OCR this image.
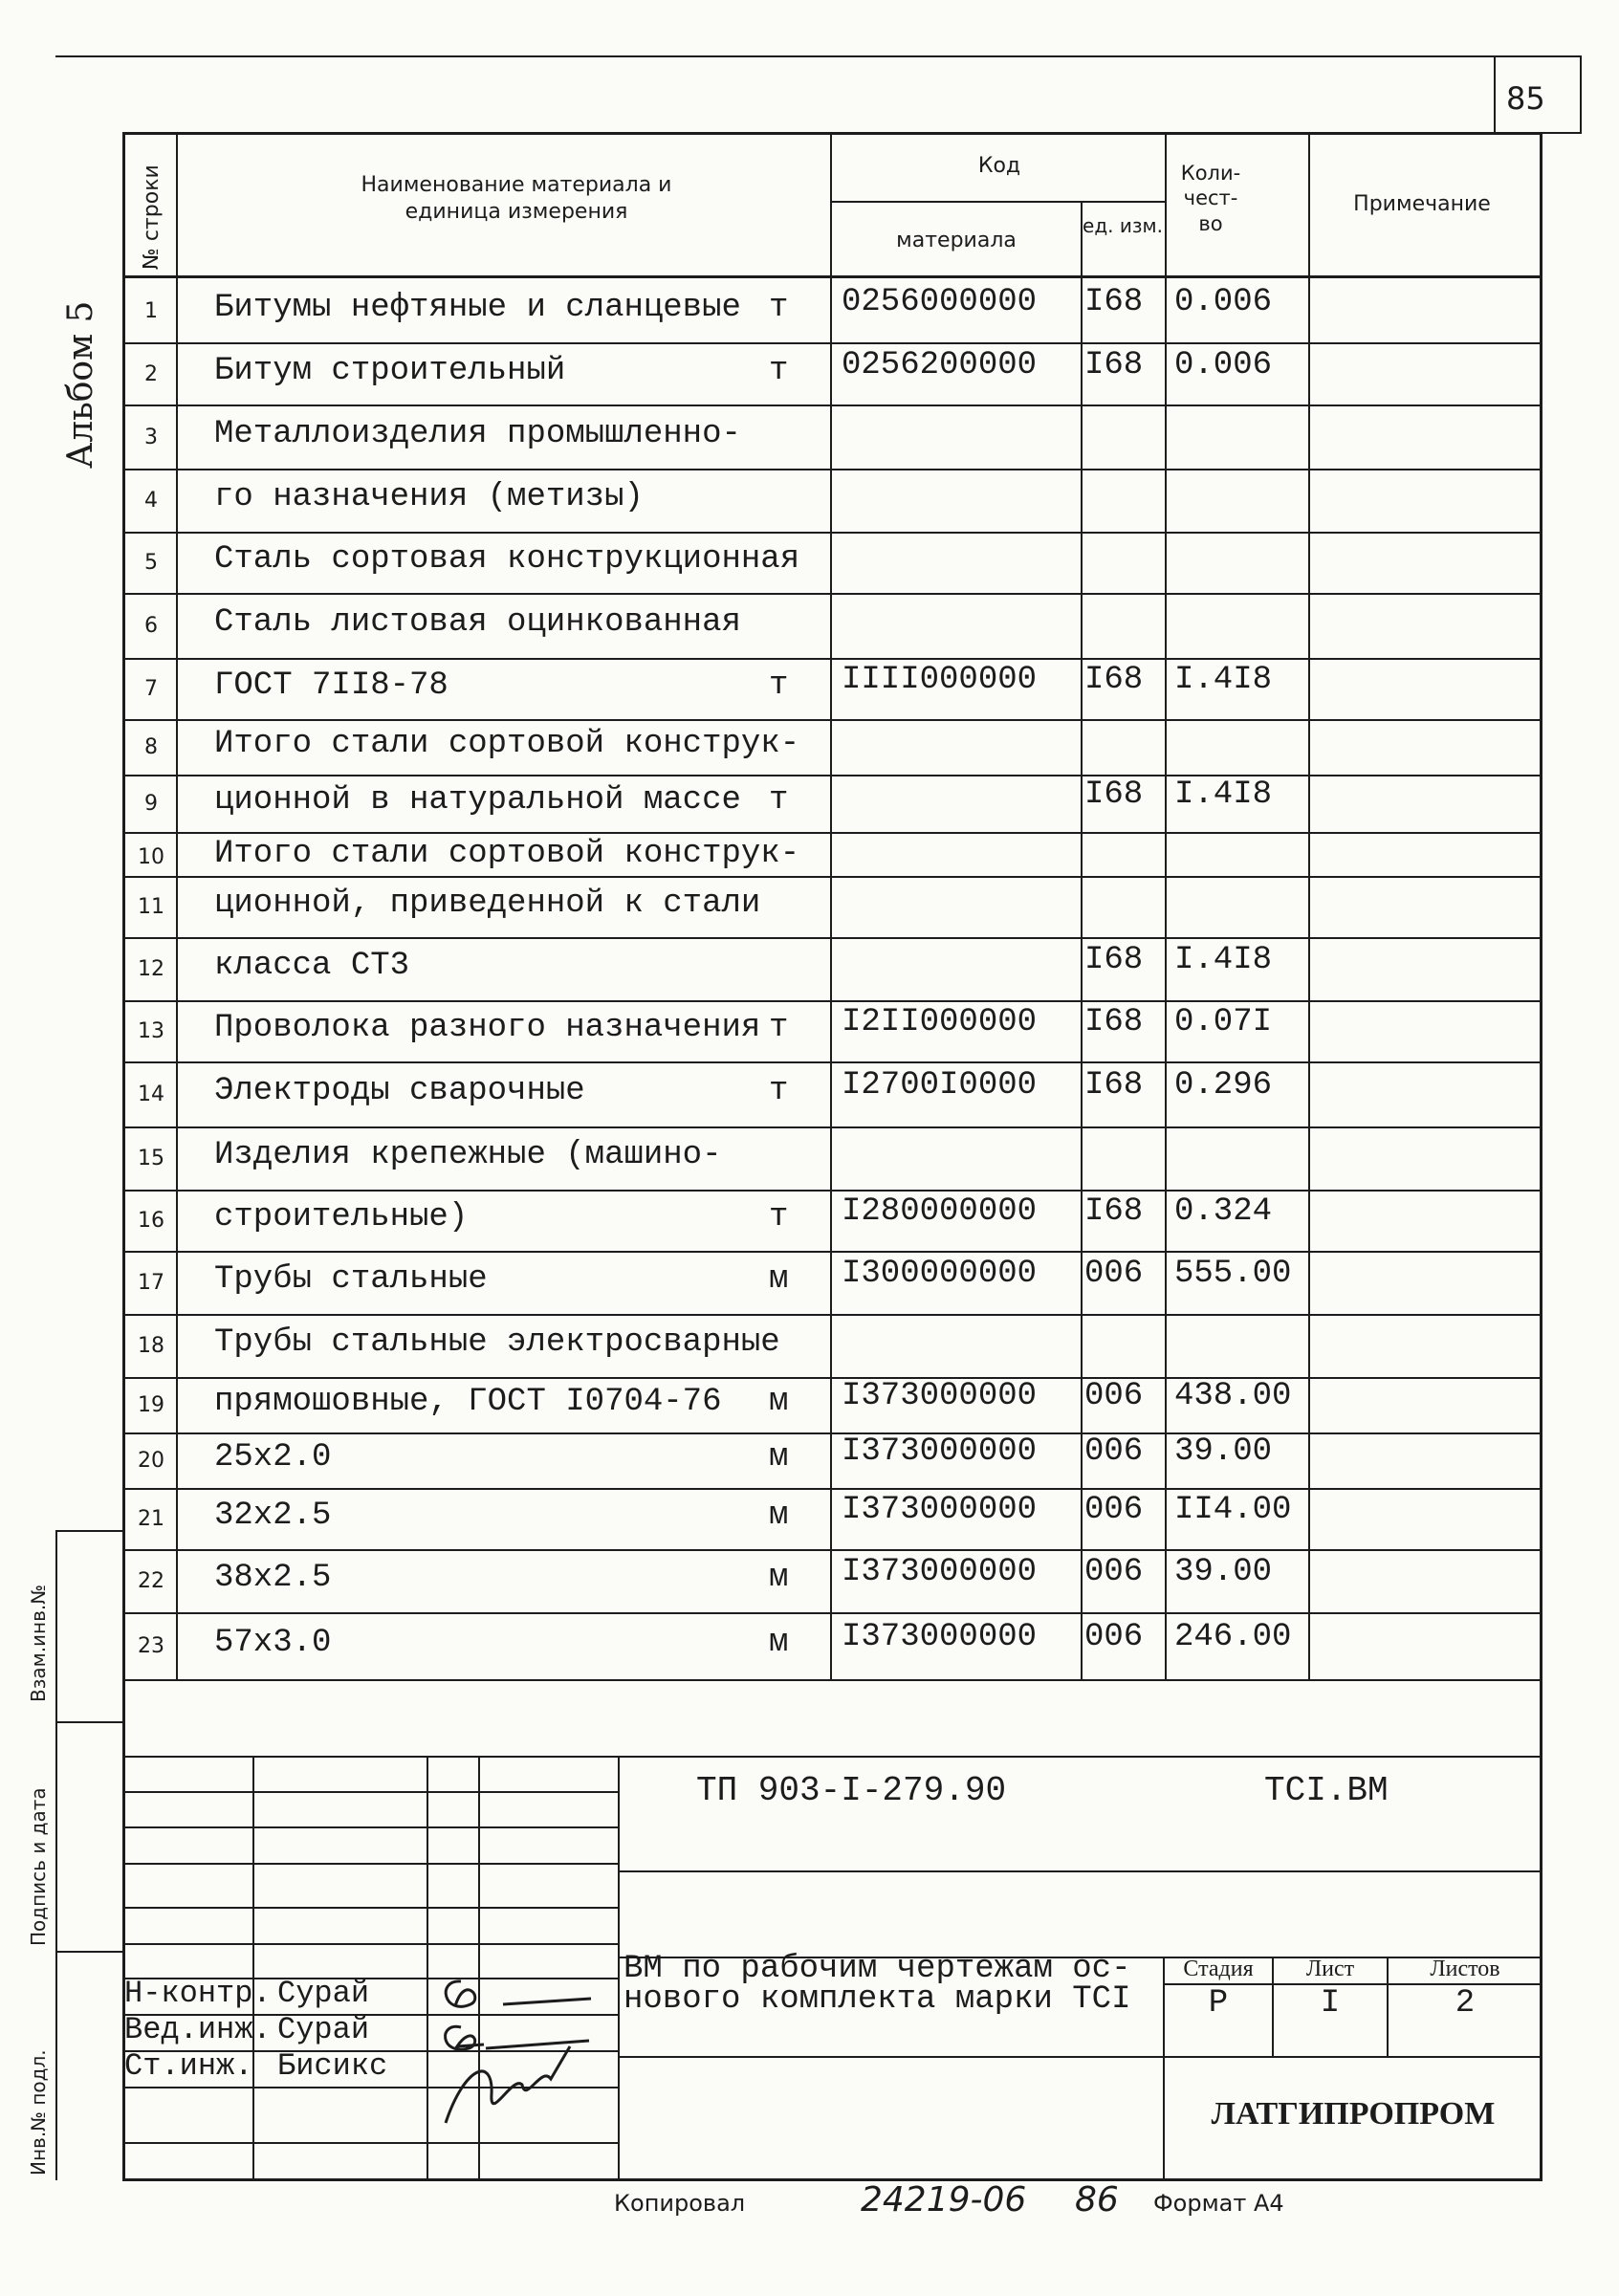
85
Альбом 5
Взам.инв.№
Подпись и дата
Инв.№ подл.
№ строки	Наименование материала и единица измерения
Код
материала
ед. изм.
Коли- чест- во
Примечание
1	Битумы нефтяные и сланцевые т 0256000000 I68 0.006
2	Битум строительный	т 0256200000 I68 0.006
3	Металлоизделия промышленно-
4	го назначения (метизы)
5	Сталь сортовая конструкционная
6	Сталь листовая оцинкованная
7	ГОСТ 7II8-78	т IIII000000 I68 I.4I8
8	Итого стали сортовой конструк-
9	ционной в натуральной массе т	I68 I.4I8
10	Итого стали сортовой конструк-
11	ционной, приведенной к стали
12	класса СТ3	I68 I.4I8
13	Проволока разного назначения т I2II000000 I68 0.07I
14	Электроды сварочные	т I2700I0000 I68 0.296
15	Изделия крепежные (машино-
16	строительные)	т I280000000 I68 0.324
17	Трубы стальные	м I300000000 006 555.00
18	Трубы стальные электросварные
19	прямошовные, ГОСТ I0704-76 м I373000000 006 438.00
20	25x2.0	м I373000000 006 39.00
21	32x2.5	м I373000000 006 II4.00
22	38x2.5	м I373000000 006 39.00
23	57x3.0	м I373000000 006 246.00
ТП 903-I-279.90	TCI.BM
ВМ по рабочим чертежам ос-
нового комплекта марки TCI
Стадия	Лист	Листов
Р	I	2
ЛАТГИПРОПРОМ
Н-контр. Сурай
Вед.инж. Сурай
Ст.инж. Бисикс
Копировал	24219-06 86 Формат А4
